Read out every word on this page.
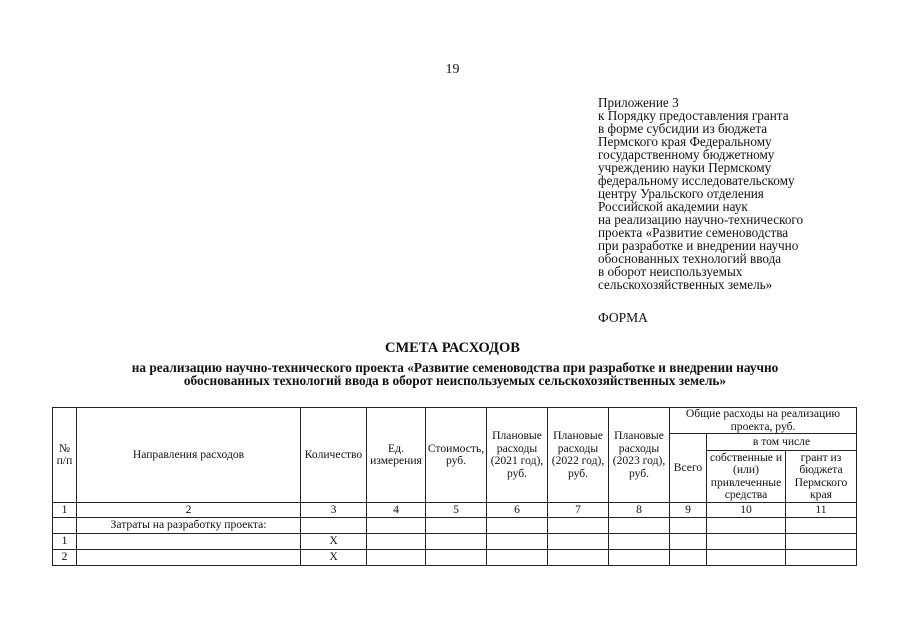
19
Приложение 3
к Порядку предоставления гранта
в форме субсидии из бюджета
Пермского края Федеральному
государственному бюджетному
учреждению науки Пермскому
федеральному исследовательскому
центру Уральского отделения
Российской академии наук
на реализацию научно-технического
проекта «Развитие семеноводства
при разработке и внедрении научно
обоснованных технологий ввода
в оборот неиспользуемых
сельскохозяйственных земель»
ФОРМА
СМЕТА РАСХОДОВ
на реализацию научно-технического проекта «Развитие семеноводства при разработке и внедрении научно
обоснованных технологий ввода в оборот неиспользуемых сельскохозяйственных земель»
№ п/п	Направления расходов	Количество	Ед. измерения	Стоимость, руб.	Плановые расходы (2021 год), руб.	Плановые расходы (2022 год), руб.	Плановые расходы (2023 год), руб.	Общие расходы на реализацию проекта, руб.		
								Всего	в том числе	
									собственные и (или) привлеченные средства	грант из бюджета Пермского края
1	2	3	4	5	6	7	8	9	10	11
	Затраты на разработку проекта:									
1		X								
2		X								
